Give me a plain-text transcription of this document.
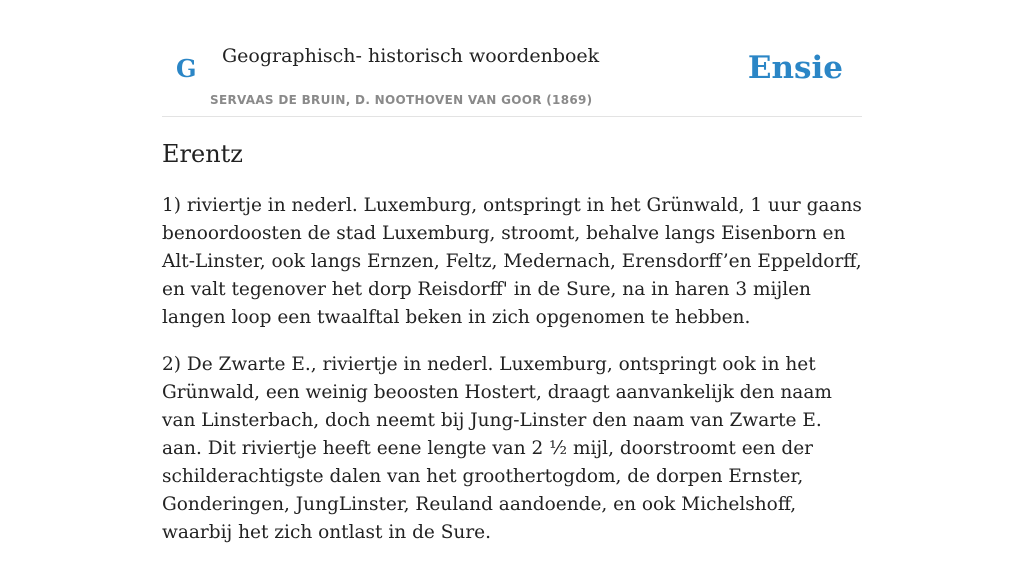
G Geographisch- historisch woordenboek
SERVAAS DE BRUIN, D. NOOTHOVEN VAN GOOR (1869)
Ensie
Erentz

1) riviertje in nederl. Luxemburg, ontspringt in het Grünwald, 1 uur gaans benoordoosten de stad Luxemburg, stroomt, behalve langs Eisenborn en Alt-Linster, ook langs Ernzen, Feltz, Medernach, Erensdorff’en Eppeldorff, en valt tegenover het dorp Reisdorff' in de Sure, na in haren 3 mijlen langen loop een twaalftal beken in zich opgenomen te hebben.

2) De Zwarte E., riviertje in nederl. Luxemburg, ontspringt ook in het Grünwald, een weinig beoosten Hostert, draagt aanvankelijk den naam van Linsterbach, doch neemt bij Jung-Linster den naam van Zwarte E. aan. Dit riviertje heeft eene lengte van 2 ½ mijl, doorstroomt een der schilderachtigste dalen van het groothertogdom, de dorpen Ernster, Gonderingen, JungLinster, Reuland aandoende, en ook Michelshoff, waarbij het zich ontlast in de Sure.
